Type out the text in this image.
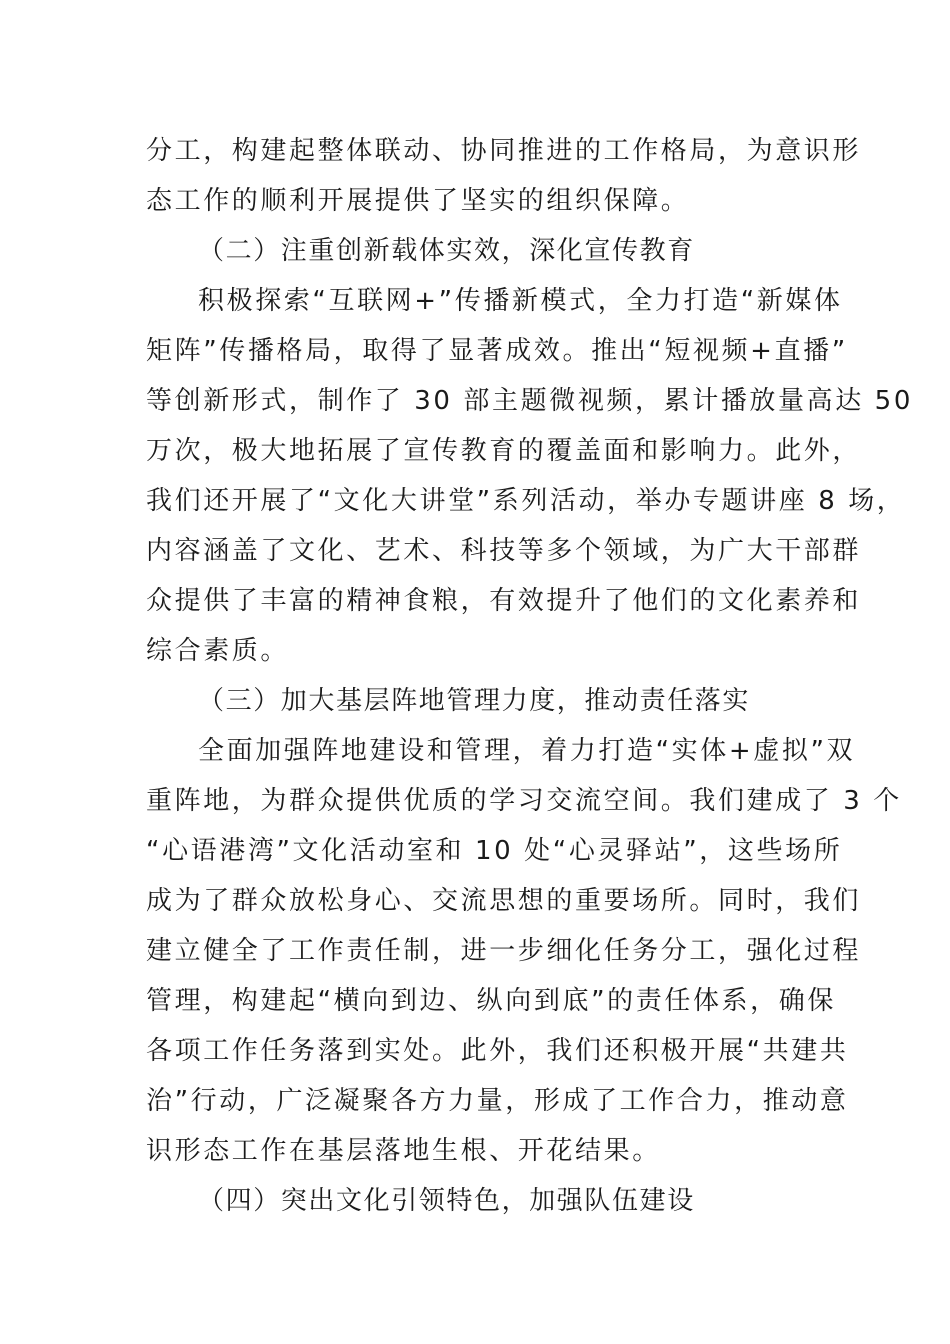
分工，构建起整体联动、协同推进的工作格局，为意识形
态工作的顺利开展提供了坚实的组织保障。
（二）注重创新载体实效，深化宣传教育
积极探索“互联网+”传播新模式，全力打造“新媒体
矩阵”传播格局，取得了显著成效。推出“短视频+直播”
等创新形式，制作了 30 部主题微视频，累计播放量高达 50
万次，极大地拓展了宣传教育的覆盖面和影响力。此外，
我们还开展了“文化大讲堂”系列活动，举办专题讲座 8 场，
内容涵盖了文化、艺术、科技等多个领域，为广大干部群
众提供了丰富的精神食粮，有效提升了他们的文化素养和
综合素质。
（三）加大基层阵地管理力度，推动责任落实
全面加强阵地建设和管理，着力打造“实体+虚拟”双
重阵地，为群众提供优质的学习交流空间。我们建成了 3 个
“心语港湾”文化活动室和 10 处“心灵驿站”，这些场所
成为了群众放松身心、交流思想的重要场所。同时，我们
建立健全了工作责任制，进一步细化任务分工，强化过程
管理，构建起“横向到边、纵向到底”的责任体系，确保
各项工作任务落到实处。此外，我们还积极开展“共建共
治”行动，广泛凝聚各方力量，形成了工作合力，推动意
识形态工作在基层落地生根、开花结果。
（四）突出文化引领特色，加强队伍建设
